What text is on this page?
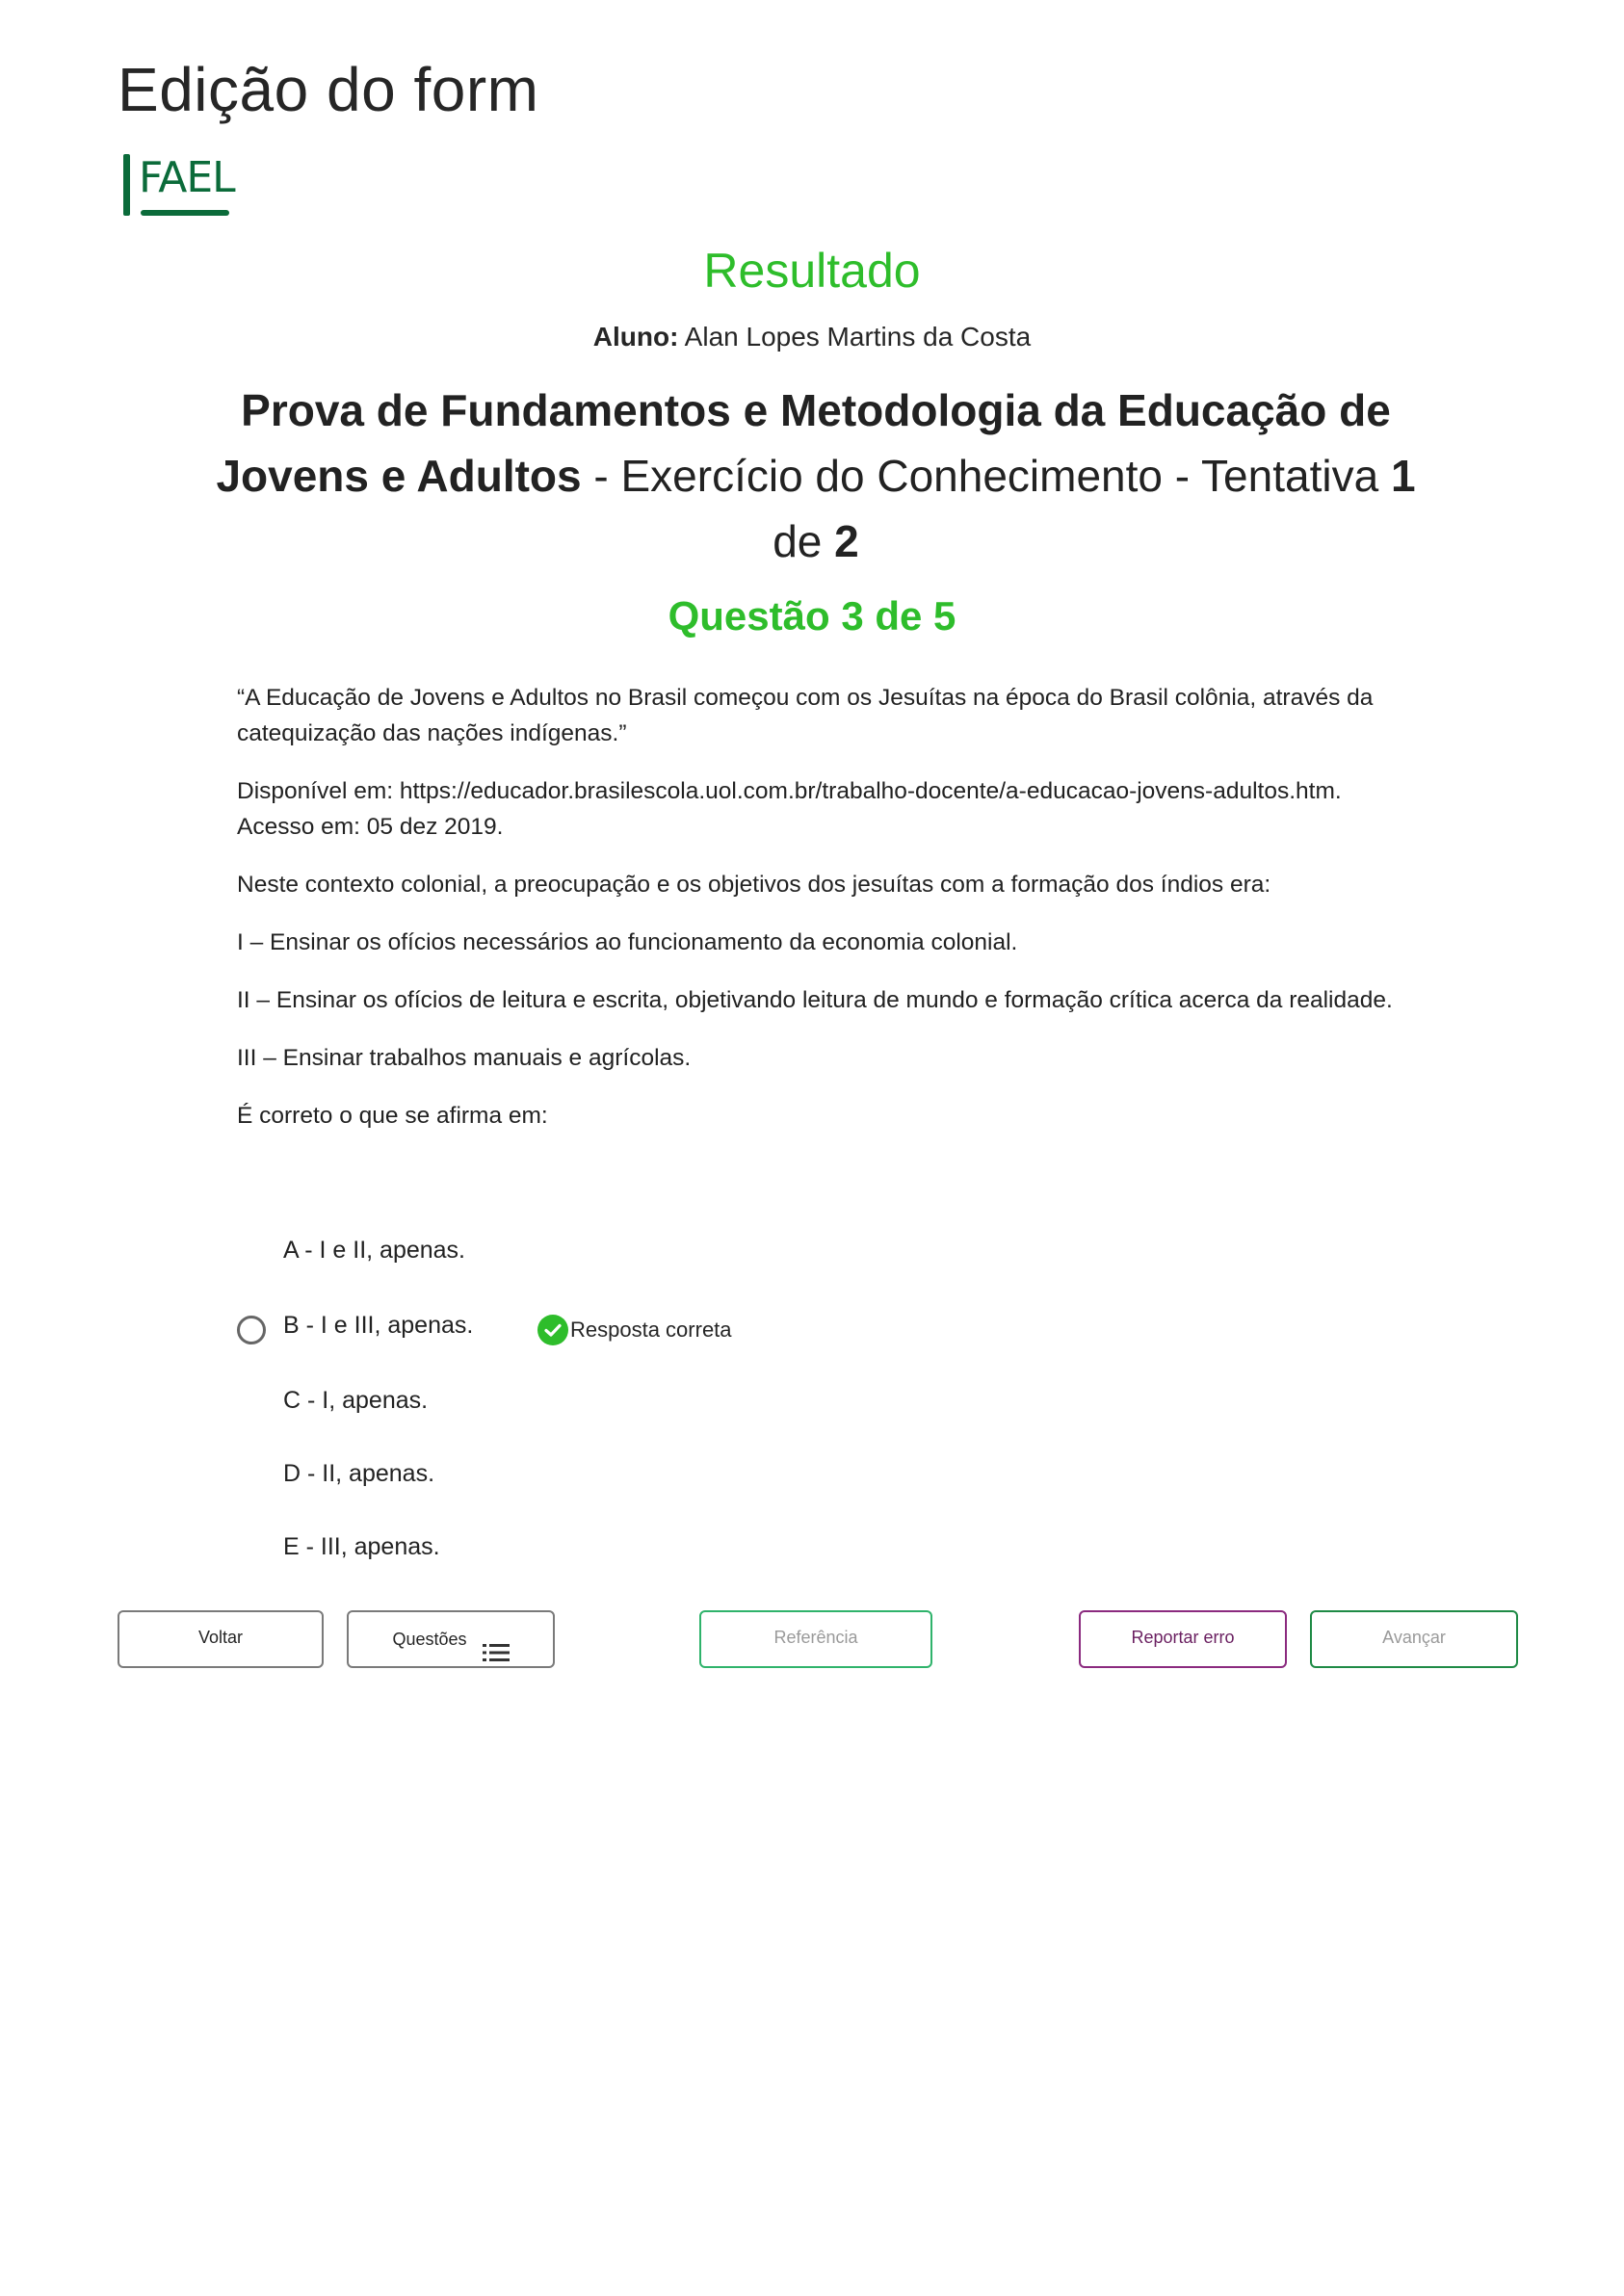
Edição do form
FAEL
Resultado
Aluno: Alan Lopes Martins da Costa
Prova de Fundamentos e Metodologia da Educação de Jovens e Adultos - Exercício do Conhecimento - Tentativa 1 de 2
Questão 3 de 5

“A Educação de Jovens e Adultos no Brasil começou com os Jesuítas na época do Brasil colônia, através da catequização das nações indígenas.”

Disponível em: https://educador.brasilescola.uol.com.br/trabalho-docente/a-educacao-jovens-adultos.htm. Acesso em: 05 dez 2019.

Neste contexto colonial, a preocupação e os objetivos dos jesuítas com a formação dos índios era:

I – Ensinar os ofícios necessários ao funcionamento da economia colonial.

II – Ensinar os ofícios de leitura e escrita, objetivando leitura de mundo e formação crítica acerca da realidade.

III – Ensinar trabalhos manuais e agrícolas.

É correto o que se afirma em:

A - I e II, apenas.
B - I e III, apenas.	Resposta correta
C - I, apenas.
D - II, apenas.
E - III, apenas.
Voltar	Questões	Referência	Reportar erro	Avançar
